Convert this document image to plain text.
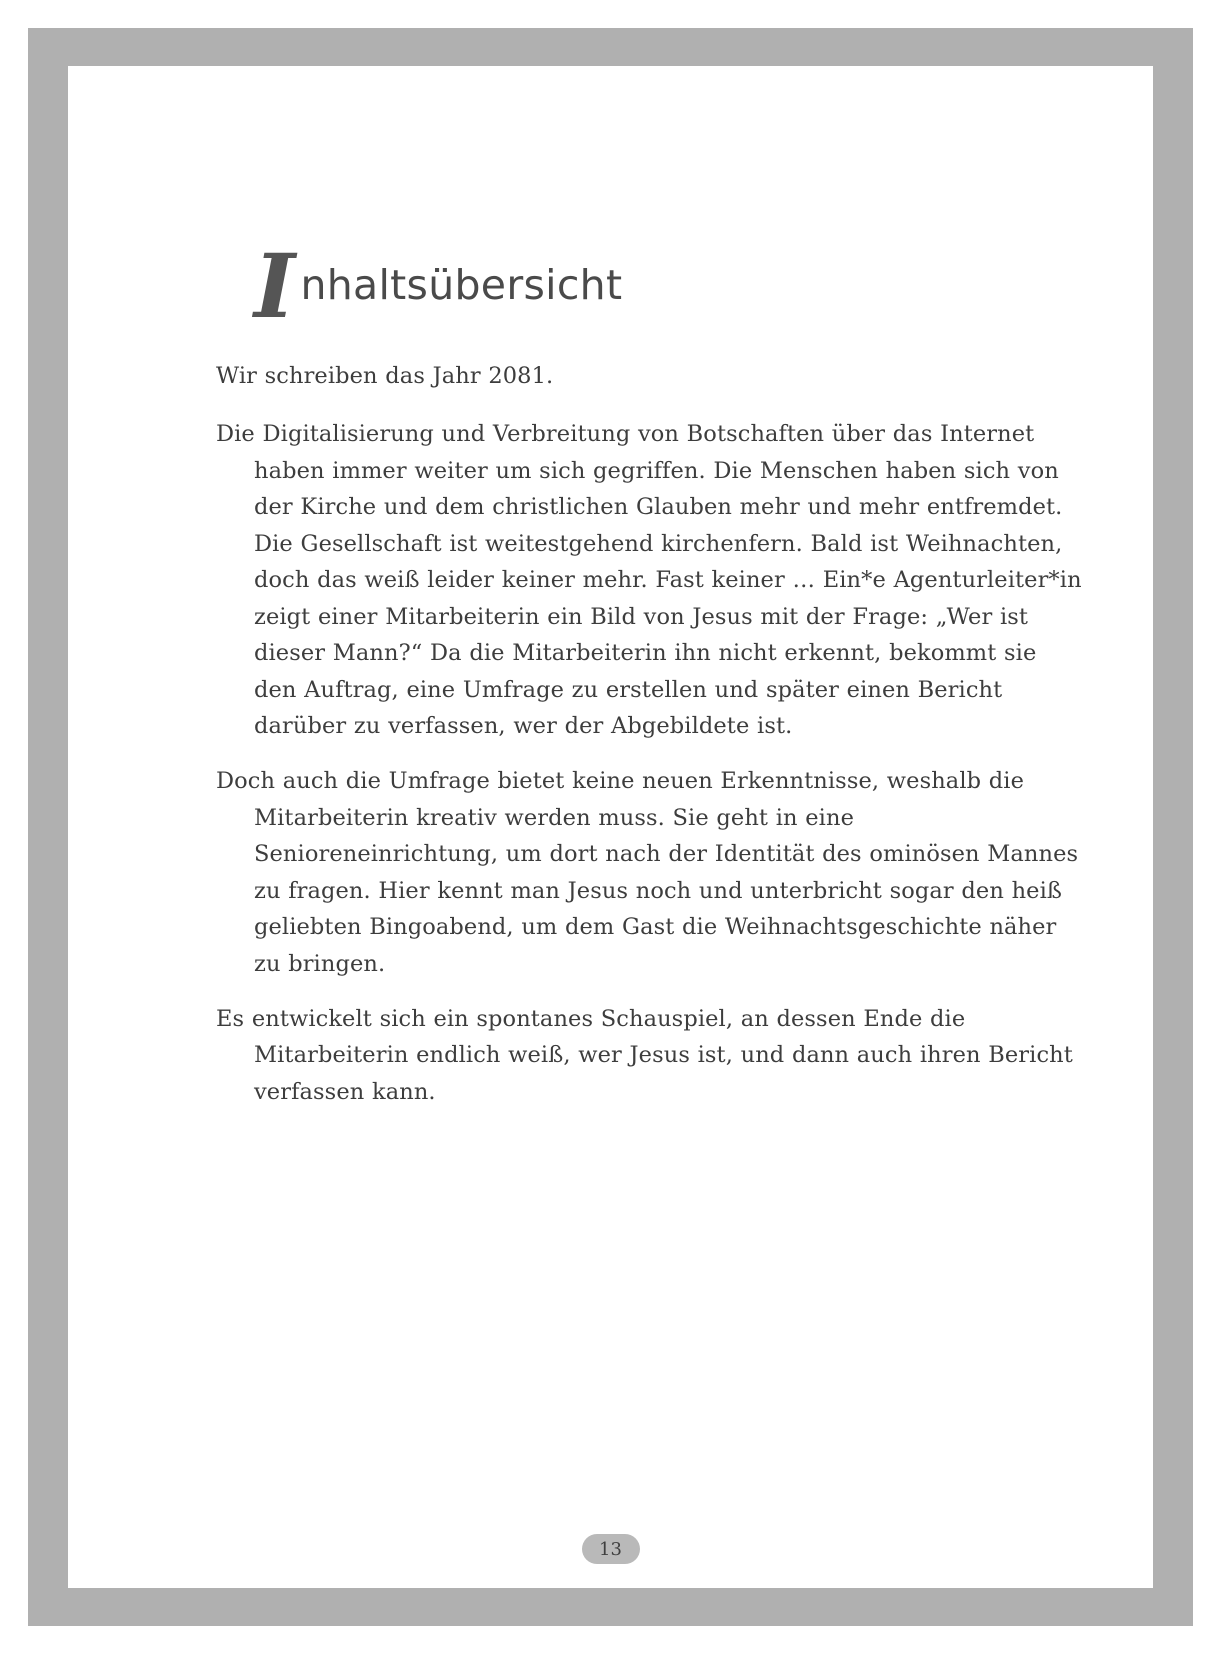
Inhaltsübersicht

Wir schreiben das Jahr 2081.

Die Digitalisierung und Verbreitung von Botschaften über das Internet haben immer weiter um sich gegriffen. Die Menschen haben sich von der Kirche und dem christlichen Glauben mehr und mehr entfremdet. Die Gesellschaft ist weitestgehend kirchenfern. Bald ist Weihnachten, doch das weiß leider keiner mehr. Fast keiner … Ein*e Agenturleiter*in zeigt einer Mitarbeiterin ein Bild von Jesus mit der Frage: „Wer ist dieser Mann?“ Da die Mitarbeiterin ihn nicht erkennt, bekommt sie den Auftrag, eine Umfrage zu erstellen und später einen Bericht darüber zu verfassen, wer der Abgebildete ist.

Doch auch die Umfrage bietet keine neuen Erkenntnisse, weshalb die Mitarbeiterin kreativ werden muss. Sie geht in eine Senioreneinrichtung, um dort nach der Identität des ominösen Mannes zu fragen. Hier kennt man Jesus noch und unterbricht sogar den heiß geliebten Bingoabend, um dem Gast die Weihnachtsgeschichte näher zu bringen.

Es entwickelt sich ein spontanes Schauspiel, an dessen Ende die Mitarbeiterin endlich weiß, wer Jesus ist, und dann auch ihren Bericht verfassen kann.

13
